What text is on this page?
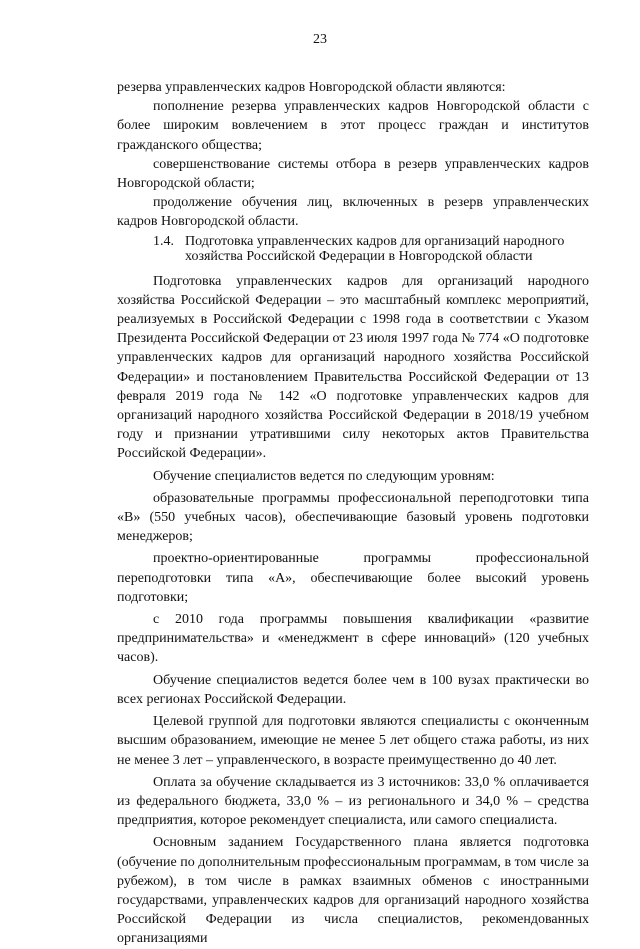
23

резерва управленческих кадров Новгородской области являются:

пополнение резерва управленческих кадров Новгородской области с более широким вовлечением в этот процесс граждан и институтов гражданского общества;

совершенствование системы отбора в резерв управленческих кадров Новгородской области;

продолжение обучения лиц, включенных в резерв управленческих кадров Новгородской области.

1.4. Подготовка управленческих кадров для организаций народного хозяйства Российской Федерации в Новгородской области

Подготовка управленческих кадров для организаций народного хозяйства Российской Федерации – это масштабный комплекс мероприятий, реализуемых в Российской Федерации с 1998 года в соответствии с Указом Президента Российской Федерации от 23 июля 1997 года № 774 «О подготовке управленческих кадров для организаций народного хозяйства Российской Федерации» и постановлением Правительства Российской Федерации от 13 февраля 2019 года № 142 «О подготовке управленческих кадров для организаций народного хозяйства Российской Федерации в 2018/19 учебном году и признании утратившими силу некоторых актов Правительства Российской Федерации».

Обучение специалистов ведется по следующим уровням:

образовательные программы профессиональной переподготовки типа «В» (550 учебных часов), обеспечивающие базовый уровень подготовки менеджеров;

проектно-ориентированные программы профессиональной переподготовки типа «А», обеспечивающие более высокий уровень подготовки;

с 2010 года программы повышения квалификации «развитие предпринимательства» и «менеджмент в сфере инноваций» (120 учебных часов).

Обучение специалистов ведется более чем в 100 вузах практически во всех регионах Российской Федерации.

Целевой группой для подготовки являются специалисты с оконченным высшим образованием, имеющие не менее 5 лет общего стажа работы, из них не менее 3 лет – управленческого, в возрасте преимущественно до 40 лет.

Оплата за обучение складывается из 3 источников: 33,0 % оплачивается из федерального бюджета, 33,0 % – из регионального и 34,0 % – средства предприятия, которое рекомендует специалиста, или самого специалиста.

Основным заданием Государственного плана является подготовка (обучение по дополнительным профессиональным программам, в том числе за рубежом), в том числе в рамках взаимных обменов с иностранными государствами, управленческих кадров для организаций народного хозяйства Российской Федерации из числа специалистов, рекомендованных организациями
